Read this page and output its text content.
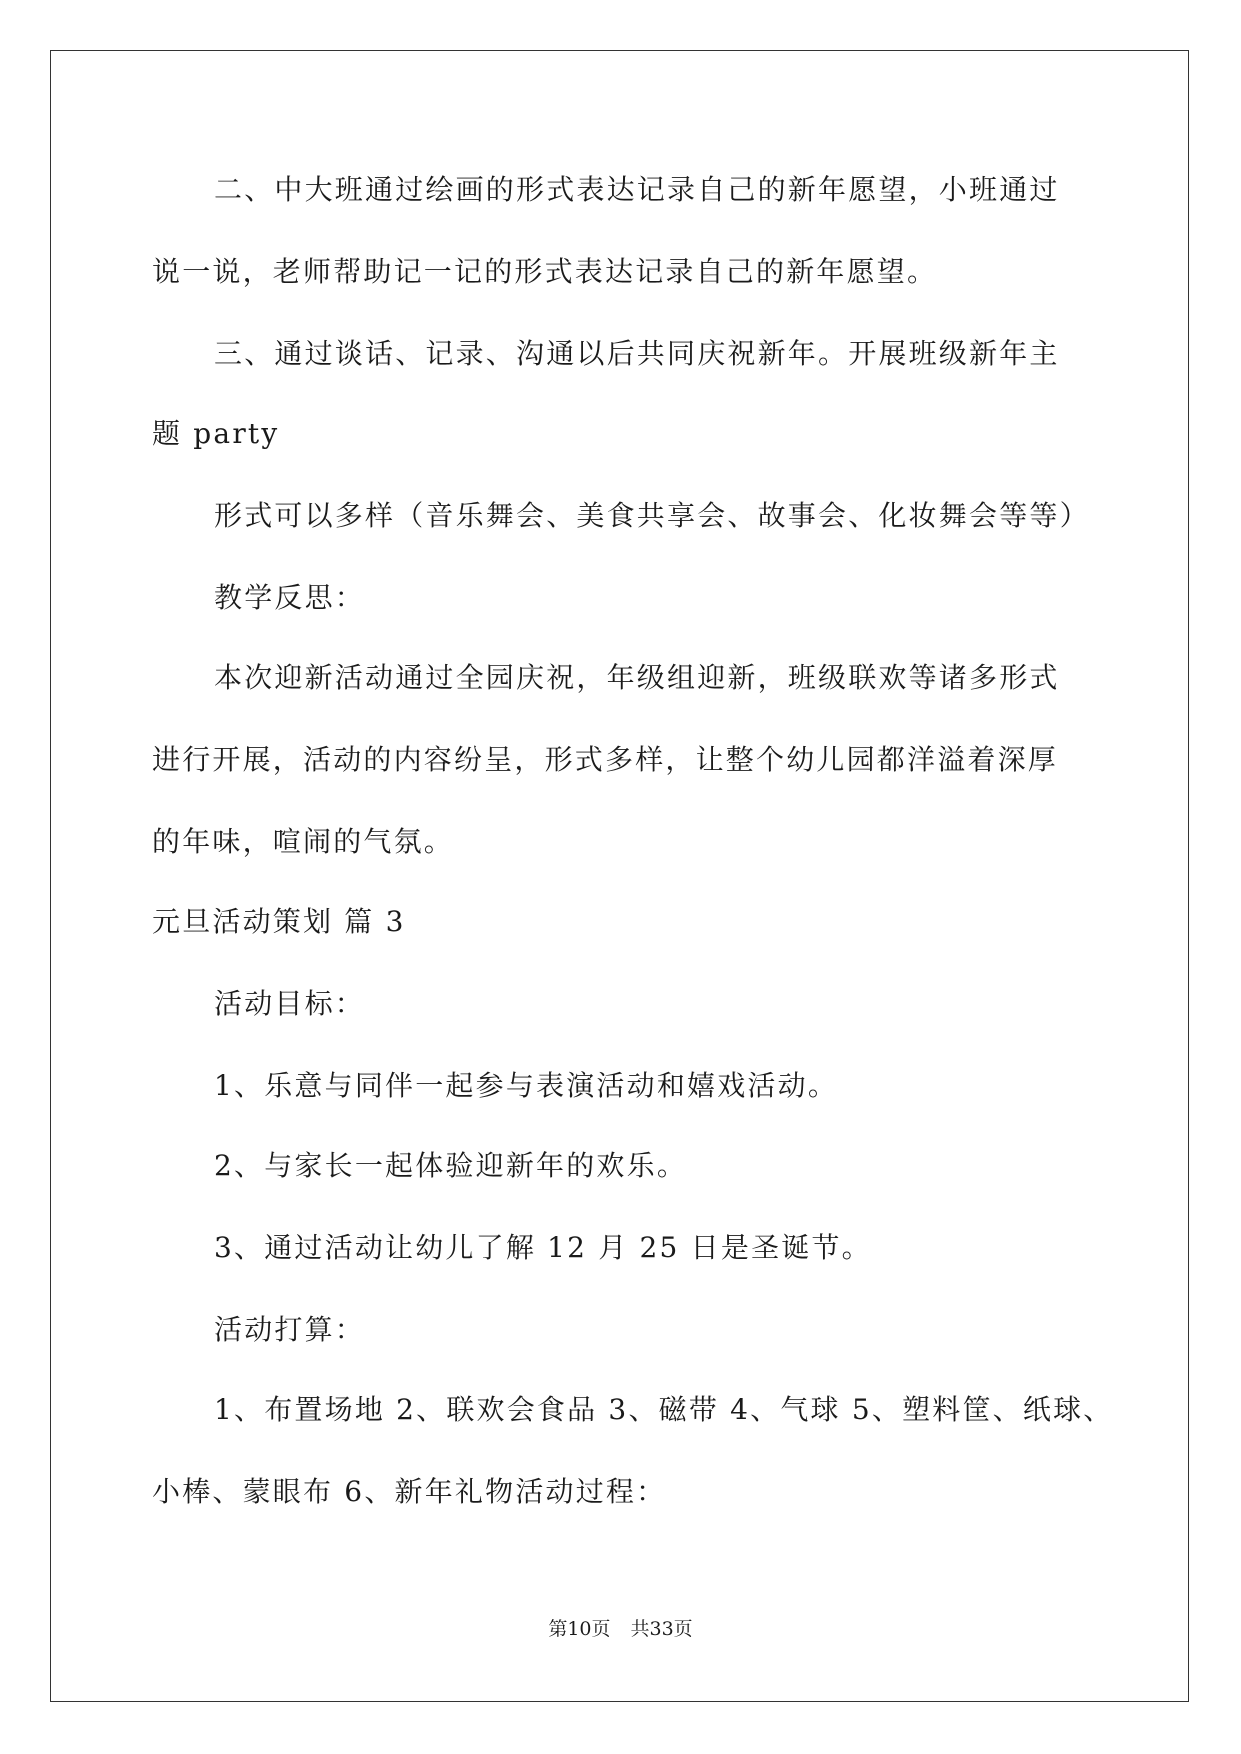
二、中大班通过绘画的形式表达记录自己的新年愿望，小班通过
说一说，老师帮助记一记的形式表达记录自己的新年愿望。
三、通过谈话、记录、沟通以后共同庆祝新年。开展班级新年主
题 party
形式可以多样（音乐舞会、美食共享会、故事会、化妆舞会等等）
教学反思：
本次迎新活动通过全园庆祝，年级组迎新，班级联欢等诸多形式
进行开展，活动的内容纷呈，形式多样，让整个幼儿园都洋溢着深厚
的年味，喧闹的气氛。
元旦活动策划 篇 3
活动目标：
1、乐意与同伴一起参与表演活动和嬉戏活动。
2、与家长一起体验迎新年的欢乐。
3、通过活动让幼儿了解 12 月 25 日是圣诞节。
活动打算：
1、布置场地 2、联欢会食品 3、磁带 4、气球 5、塑料筐、纸球、
小棒、蒙眼布 6、新年礼物活动过程：
第10页 共33页
